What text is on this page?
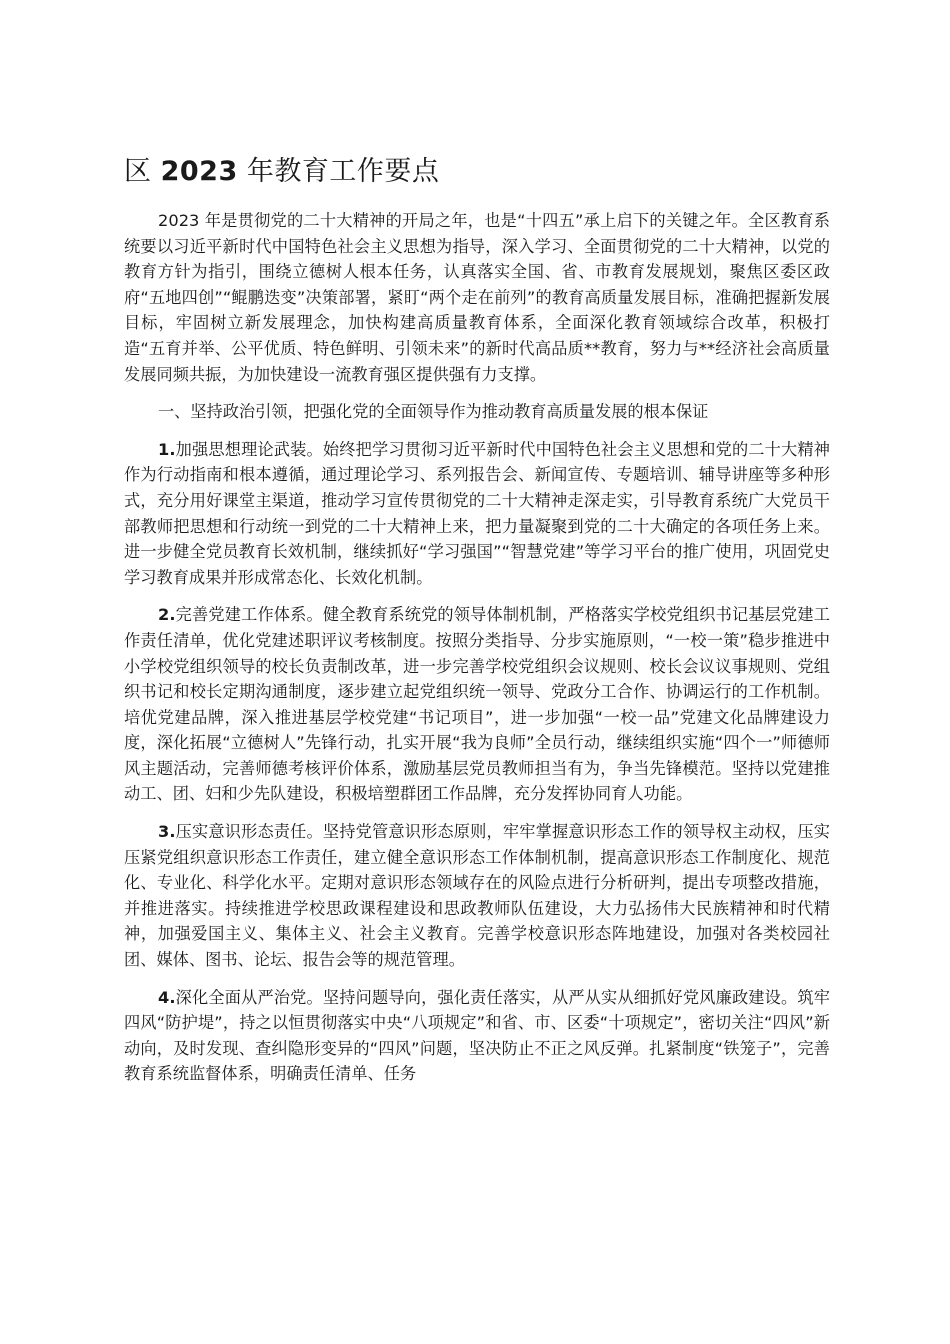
区 2023 年教育工作要点

2023 年是贯彻党的二十大精神的开局之年，也是“十四五”承上启下的关键之年。全区教育系统要以习近平新时代中国特色社会主义思想为指导，深入学习、全面贯彻党的二十大精神，以党的教育方针为指引，围绕立德树人根本任务，认真落实全国、省、市教育发展规划，聚焦区委区政府“五地四创”“鲲鹏迭变”决策部署，紧盯“两个走在前列”的教育高质量发展目标，准确把握新发展目标，牢固树立新发展理念，加快构建高质量教育体系，全面深化教育领域综合改革，积极打造“五育并举、公平优质、特色鲜明、引领未来”的新时代高品质**教育，努力与**经济社会高质量发展同频共振，为加快建设一流教育强区提供强有力支撑。

一、坚持政治引领，把强化党的全面领导作为推动教育高质量发展的根本保证

1.加强思想理论武装。始终把学习贯彻习近平新时代中国特色社会主义思想和党的二十大精神作为行动指南和根本遵循，通过理论学习、系列报告会、新闻宣传、专题培训、辅导讲座等多种形式，充分用好课堂主渠道，推动学习宣传贯彻党的二十大精神走深走实，引导教育系统广大党员干部教师把思想和行动统一到党的二十大精神上来，把力量凝聚到党的二十大确定的各项任务上来。进一步健全党员教育长效机制，继续抓好“学习强国”“智慧党建”等学习平台的推广使用，巩固党史学习教育成果并形成常态化、长效化机制。

2.完善党建工作体系。健全教育系统党的领导体制机制，严格落实学校党组织书记基层党建工作责任清单，优化党建述职评议考核制度。按照分类指导、分步实施原则，“一校一策”稳步推进中小学校党组织领导的校长负责制改革，进一步完善学校党组织会议规则、校长会议议事规则、党组织书记和校长定期沟通制度，逐步建立起党组织统一领导、党政分工合作、协调运行的工作机制。培优党建品牌，深入推进基层学校党建“书记项目”，进一步加强“一校一品”党建文化品牌建设力度，深化拓展“立德树人”先锋行动，扎实开展“我为良师”全员行动，继续组织实施“四个一”师德师风主题活动，完善师德考核评价体系，激励基层党员教师担当有为，争当先锋模范。坚持以党建推动工、团、妇和少先队建设，积极培塑群团工作品牌，充分发挥协同育人功能。

3.压实意识形态责任。坚持党管意识形态原则，牢牢掌握意识形态工作的领导权主动权，压实压紧党组织意识形态工作责任，建立健全意识形态工作体制机制，提高意识形态工作制度化、规范化、专业化、科学化水平。定期对意识形态领域存在的风险点进行分析研判，提出专项整改措施，并推进落实。持续推进学校思政课程建设和思政教师队伍建设，大力弘扬伟大民族精神和时代精神，加强爱国主义、集体主义、社会主义教育。完善学校意识形态阵地建设，加强对各类校园社团、媒体、图书、论坛、报告会等的规范管理。

4.深化全面从严治党。坚持问题导向，强化责任落实，从严从实从细抓好党风廉政建设。筑牢四风“防护堤”，持之以恒贯彻落实中央“八项规定”和省、市、区委“十项规定”，密切关注“四风”新动向，及时发现、查纠隐形变异的“四风”问题，坚决防止不正之风反弹。扎紧制度“铁笼子”，完善教育系统监督体系，明确责任清单、任务
